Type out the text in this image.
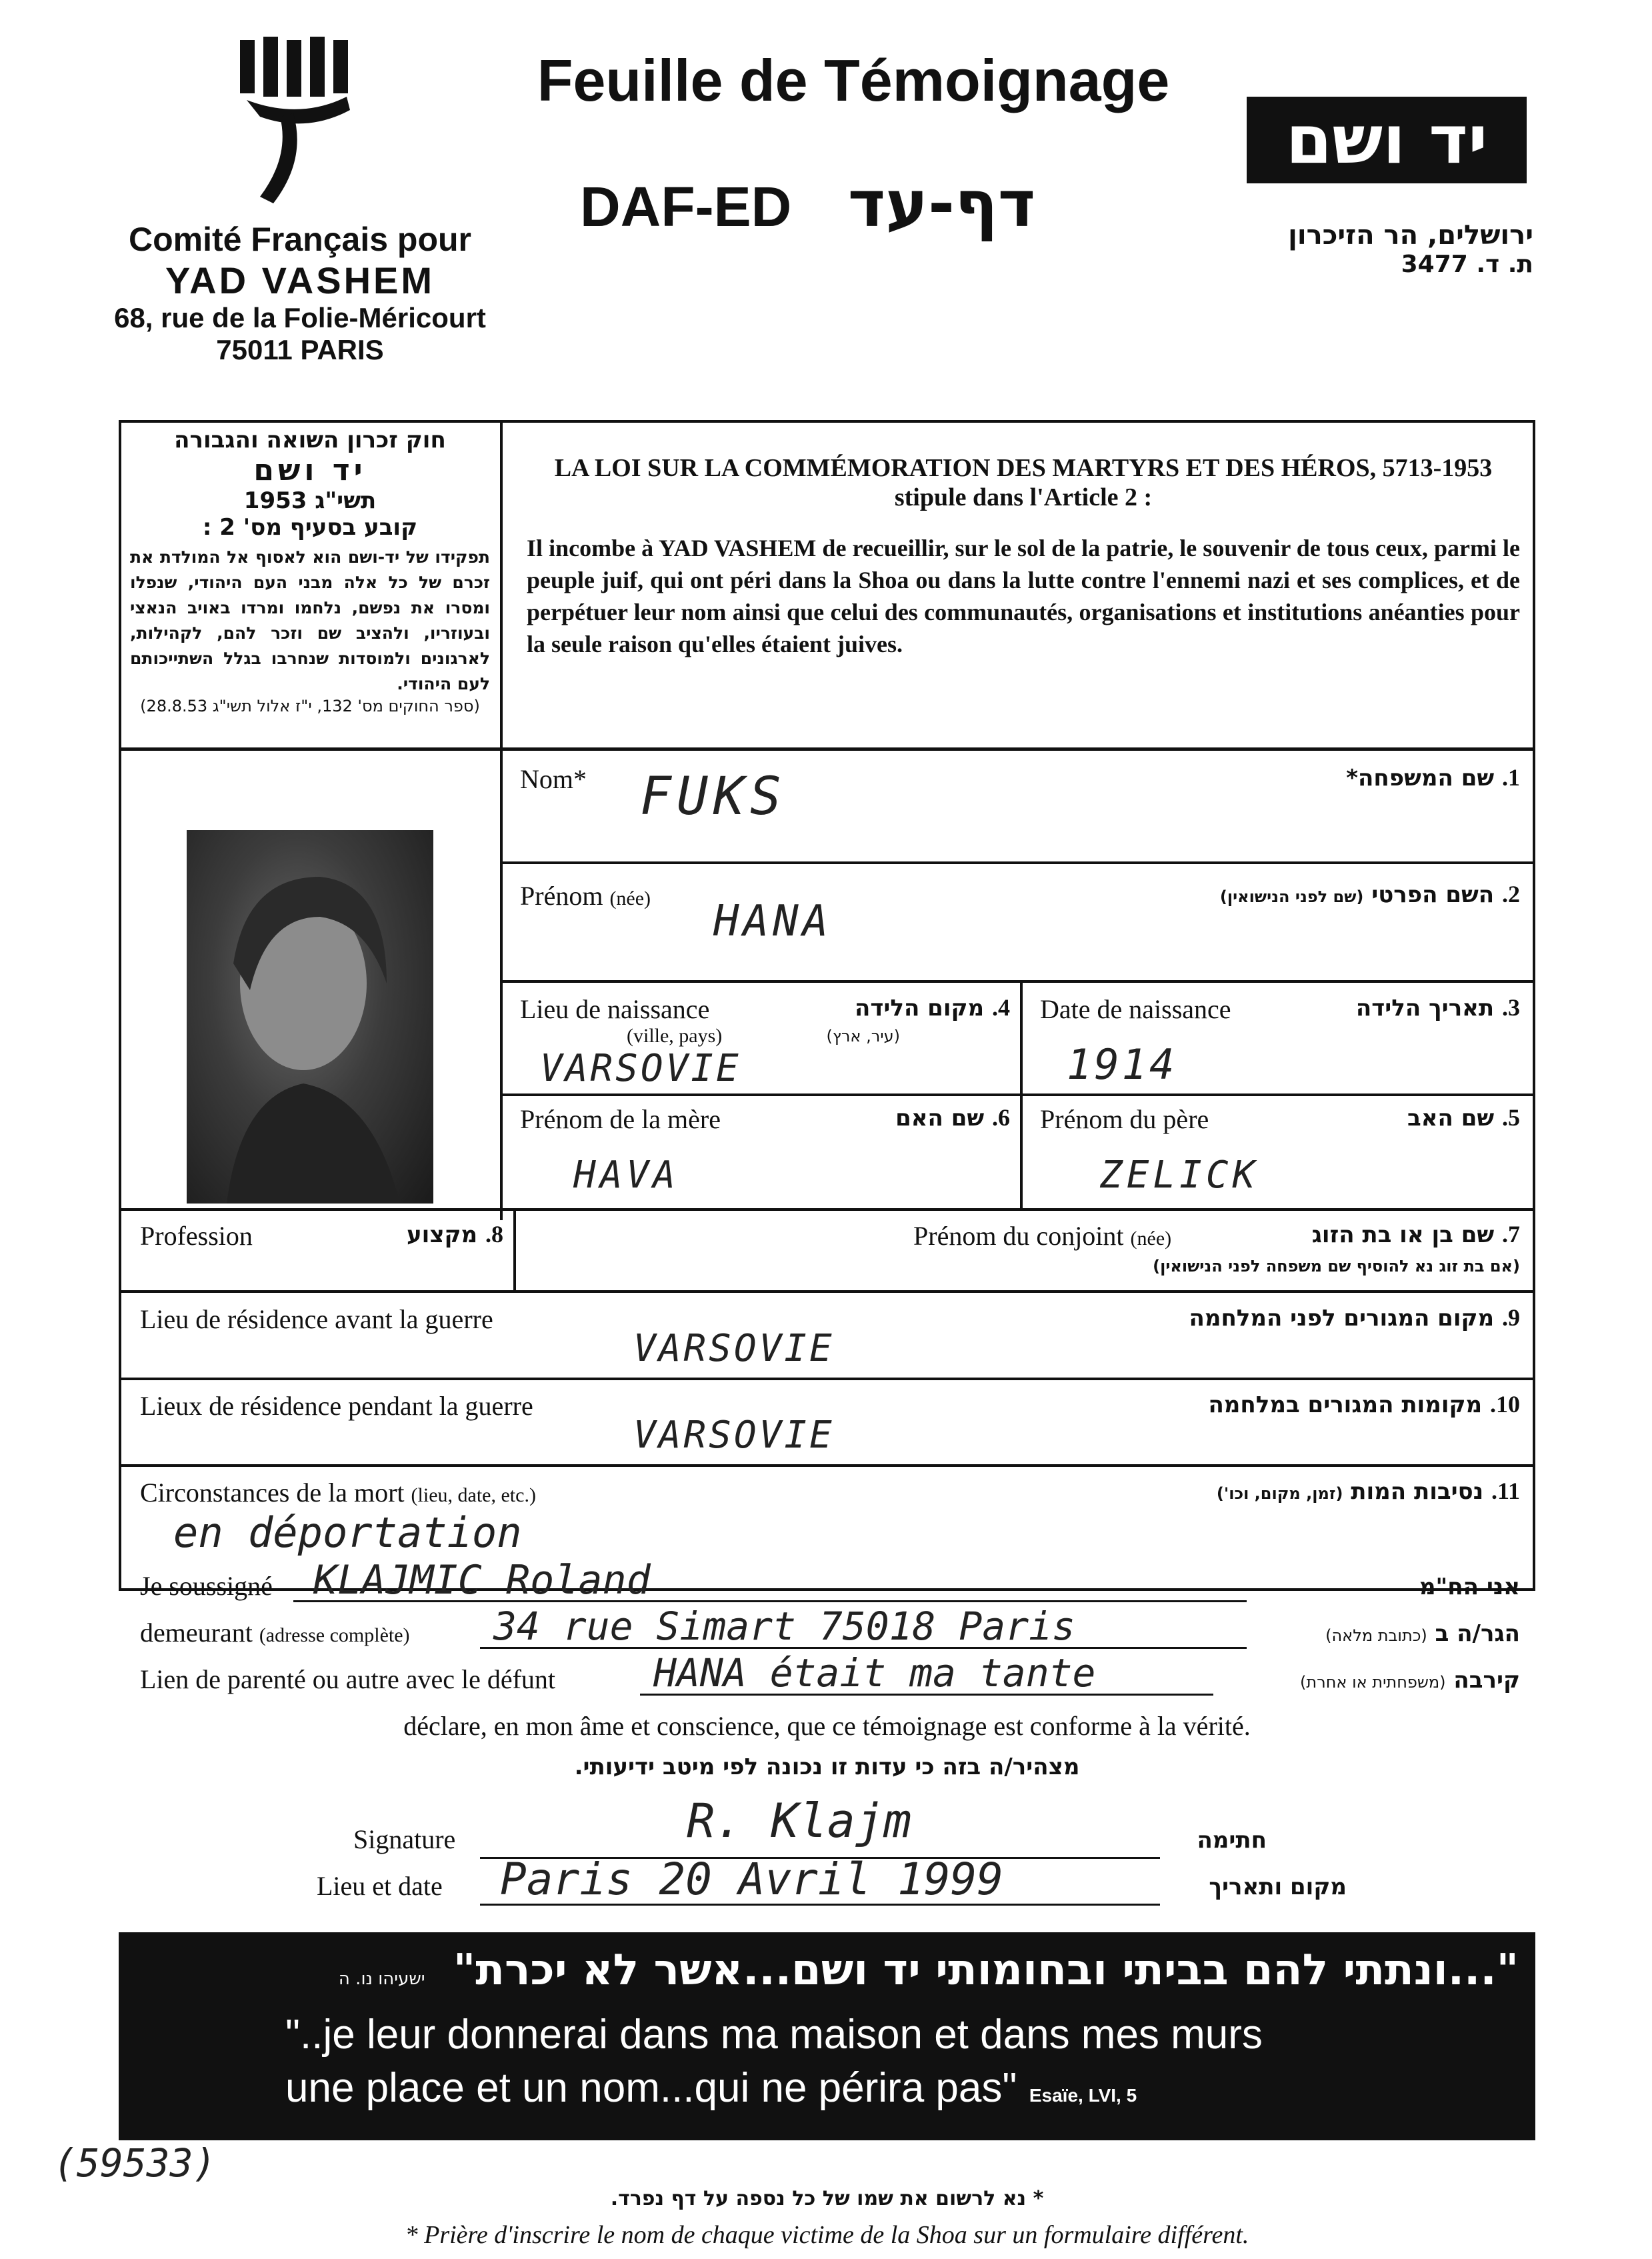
Comité Français pour
YAD VASHEM
68, rue de la Folie-Méricourt
75011 PARIS
Feuille de Témoignage
DAF-ED דף-עד
יד ושם
ירושלים, הר הזיכרון
ת. ד. 3477
חוק זכרון השואה והגבורה
יד ושם
תשי"ג 1953
קובע בסעיף מס' 2 :
תפקידו של יד-ושם הוא לאסוף אל המולדת את זכרם של כל אלה מבני העם היהודי, שנפלו ומסרו את נפשם, נלחמו ומרדו באויב הנאצי ובעוזריו, ולהציב שם וזכר להם, לקהילות, לארגונים ולמוסדות שנחרבו בגלל השתייכותם לעם היהודי.
(ספר החוקים מס' 132, י"ז אלול תשי"ג 28.8.53)
LA LOI SUR LA COMMÉMORATION DES MARTYRS ET DES HÉROS, 5713-1953
stipule dans l'Article 2 :
Il incombe à YAD VASHEM de recueillir, sur le sol de la patrie, le souvenir de tous ceux, parmi le peuple juif, qui ont péri dans la Shoa ou dans la lutte contre l'ennemi nazi et ses complices, et de perpétuer leur nom ainsi que celui des communautés, organisations et institutions anéanties pour la seule raison qu'elles étaient juives.
Nom*	1. שם המשפחה*
FUKS
Prénom (née)	2. השם הפרטי (שם לפני הנישואין)
HANA
Lieu de naissance
(ville, pays)
4. מקום הלידה
(עיר, ארץ)
VARSOVIE
Date de naissance	3. תאריך הלידה
1914
Prénom de la mère	6. שם האם
HAVA
Prénom du père	5. שם האב
ZELICK
Profession	8. מקצוע	Prénom du conjoint (née)	7. שם בן או בת הזוג
(אם בת זוג נא להוסיף שם משפחה לפני הנישואין)
Lieu de résidence avant la guerre	9. מקום המגורים לפני המלחמה
VARSOVIE
Lieux de résidence pendant la guerre	10. מקומות המגורים במלחמה
VARSOVIE
Circonstances de la mort (lieu, date, etc.)	11. נסיבות המות (זמן, מקום, וכו')
en déportation
Je soussigné KLAJMIC Roland	אני הח"מ
demeurant (adresse complète) 34 rue Simart 75018 Paris	הגר/ה ב (כתובת מלאה)
Lien de parenté ou autre avec le défunt	HANA était ma tante	קירבה (משפחתית או אחרת)
déclare, en mon âme et conscience, que ce témoignage est conforme à la vérité.
מצהיר/ה בזה כי עדות זו נכונה לפי מיטב ידיעותי.
Signature	R. Klajm	חתימה
Lieu et date Paris 20 Avril 1999	מקום ותאריך
"...ונתתי להם בביתי ובחומותי יד ושם...אשר לא יכרת" ישעיהו נו. ה
"..je leur donnerai dans ma maison et dans mes murs
une place et un nom...qui ne périra pas" Esaïe, LVI, 5
(59533)
* נא לרשום את שמו של כל נספה על דף נפרד.
* Prière d'inscrire le nom de chaque victime de la Shoa sur un formulaire différent.
